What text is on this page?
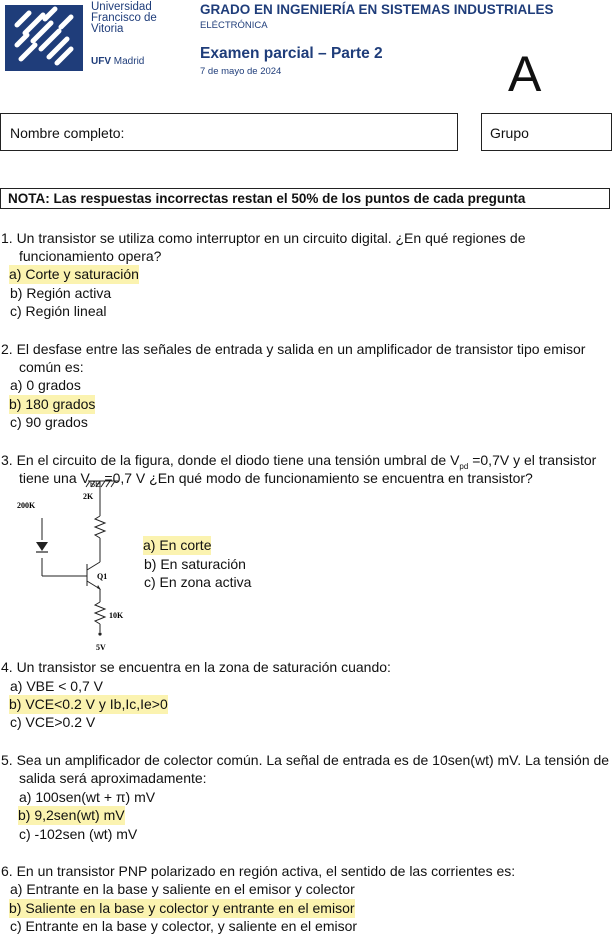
Universidad
Francisco de
Vitoria
UFV Madrid
GRADO EN INGENIERÍA EN SISTEMAS INDUSTRIALES
ELÉCTRÓNICA
Examen parcial – Parte 2
7 de mayo de 2024	A
Nombre completo:	Grupo
NOTA: Las respuestas incorrectas restan el 50% de los puntos de cada pregunta
1. Un transistor se utiliza como interruptor en un circuito digital. ¿En qué regiones de
funcionamiento opera?
a) Corte y saturación
b) Región activa
c) Región lineal
2. El desfase entre las señales de entrada y salida en un amplificador de transistor tipo emisor
común es:
a) 0 grados
b) 180 grados
c) 90 grados
3. En el circuito de la figura, donde el diodo tiene una tensión umbral de $V_{pd} =0,7V$ y el transistor
tiene una $V_{BE} =0,7$ V ¿En qué modo de funcionamiento se encuentra en transistor?
200K
2K
Q1
10K
5V
a) En corte
b) En saturación
c) En zona activa
4. Un transistor se encuentra en la zona de saturación cuando:
a) VBE < 0,7 V
b) VCE<0.2 V y Ib,Ic,Ie>0
c) VCE>0.2 V
5. Sea un amplificador de colector común. La señal de entrada es de 10sen(wt) mV. La tensión de
salida será aproximadamente:
a) 100sen(wt + π) mV
b) 9,2sen(wt) mV
c) -102sen (wt) mV
6. En un transistor PNP polarizado en región activa, el sentido de las corrientes es:
a) Entrante en la base y saliente en el emisor y colector
b) Saliente en la base y colector y entrante en el emisor
c) Entrante en la base y colector, y saliente en el emisor
